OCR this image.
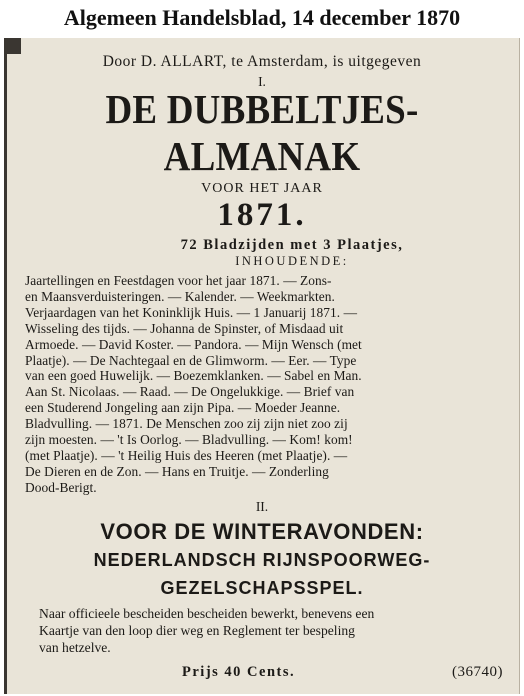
Algemeen Handelsblad, 14 december 1870
Door D. ALLART, te Amsterdam, is uitgegeven
I.
DE DUBBELTJES-ALMANAK
VOOR HET JAAR
1871.
72 Bladzijden met 3 Plaatjes,
INHOUDENDE:
Jaartellingen en Feestdagen voor het jaar 1871. — Zons-
en Maansverduisteringen. — Kalender. — Weekmarkten.
Verjaardagen van het Koninklijk Huis. — 1 Januarij 1871. —
Wisseling des tijds. — Johanna de Spinster, of Misdaad uit
Armoede. — David Koster. — Pandora. — Mijn Wensch (met
Plaatje). — De Nachtegaal en de Glimworm. — Eer. — Type
van een goed Huwelijk. — Boezemklanken. — Sabel en Man.
Aan St. Nicolaas. — Raad. — De Ongelukkige. — Brief van
een Studerend Jongeling aan zijn Pipa. — Moeder Jeanne.
Bladvulling. — 1871. De Menschen zoo zij zijn niet zoo zij
zijn moesten. — 't Is Oorlog. — Bladvulling. — Kom! kom!
(met Plaatje). — 't Heilig Huis des Heeren (met Plaatje). —
De Dieren en de Zon. — Hans en Truitje. — Zonderling
Dood-Berigt.
II.
VOOR DE WINTERAVONDEN:
NEDERLANDSCH RIJNSPOORWEG-
GEZELSCHAPSSPEL.
Naar officieele bescheiden bescheiden bewerkt, benevens een
Kaartje van den loop dier weg en Reglement ter bespeling
van hetzelve.
Prijs 40 Cents.	(36740)
